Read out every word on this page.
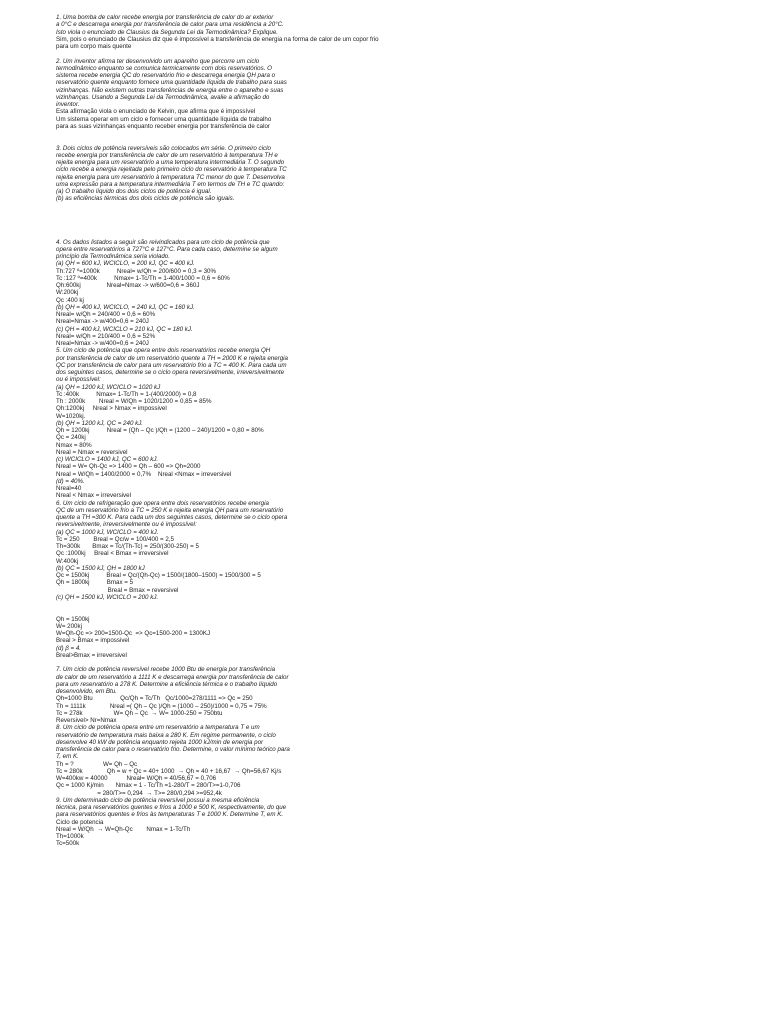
1. Uma bomba de calor recebe energia por transferência de calor do ar exterior
a 0°C e descarrega energia por transferência de calor para uma residência a 20°C.
Isto viola o enunciado de Clausius da Segunda Lei da Termodinâmica? Explique.
Sim, pois o enunciado de Clausius diz que é impossível a transferência de energia na forma de calor de um copor frio
para um corpo mais quente
2. Um inventor afirma ter desenvolvido um aparelho que percorre um ciclo
termodinâmico enquanto se comunica termicamente com dois reservatórios. O
sistema recebe energia QC do reservatório frio e descarrega energia QH para o
reservatório quente enquanto fornece uma quantidade líquida de trabalho para suas
vizinhanças. Não existem outras transferências de energia entre o aparelho e suas
vizinhanças. Usando a Segunda Lei da Termodinâmica, avalie a afirmação do
inventor.
Esta afirmação viola o enunciado de Kelvin, que afirma que é impossível
Um sistema operar em um ciclo e fornecer uma quantidade líquida de trabalho
para as suas vizinhanças enquanto receber energia por transferência de calor
3. Dois ciclos de potência reversíveis são colocados em série. O primeiro ciclo
recebe energia por transferência de calor de um reservatório à temperatura TH e
rejeita energia para um reservatório a uma temperatura intermediária T. O segundo
ciclo recebe a energia rejeitada pelo primeiro ciclo do reservatório à temperatura TC
rejeita energia para um reservatório à temperatura TC menor do que T. Desenvolva
uma expressão para a temperatura intermediária T em termos de TH e TC quando:
(a) O trabalho líquido dos dois ciclos de potência é igual.
(b) as eficiências térmicas dos dois ciclos de potência são iguais.
4. Os dados listados a seguir são reivindicados para um ciclo de potência que
opera entre reservatórios a 727°C e 127°C. Para cada caso, determine se algum
princípio da Termodinâmica seria violado.
(a) QH = 600 kJ, WCICLO, = 200 kJ, QC = 400 kJ.
Th:727 º=1000k          Nreal= w/Qh = 200/600 = 0,3 = 30%
Tc :127 º=400k          Nmax= 1-Tc/Th = 1-400/1000 = 0,6 = 60%
Qh:600kj               Nreal=Nmax -> w/600=0,6 = 360J
W:200kj
Qc :400 kj
(b) QH = 400 kJ, WCICLO, = 240 kJ, QC = 160 kJ.
Nreal= w/Qh = 240/400 = 0,6 = 60%
Nreal=Nmax -> w/400=0,6 = 240J
(c) QH = 400 kJ, WCICLO = 210 kJ, QC = 180 kJ.
Nreal= w/Qh = 210/400 = 0,6 = 52%
Nreal=Nmax -> w/400=0,6 = 240J
5. Um ciclo de potência que opera entre dois reservatórios recebe energia QH
por transferência de calor de um reservatório quente a TH = 2000 K e rejeita energia
QC por transferência de calor para um reservatório frio a TC = 400 K. Para cada um
dos seguintes casos, determine se o ciclo opera reversivelmente, irreversivelmente
ou é impossível:
(a) QH = 1200 kJ, WCICLO = 1020 kJ
Tc :400k          Nmax= 1-Tc/Th = 1-(400/2000) = 0,8
Th : 2000k        Nreal = W/Qh = 1020/1200 = 0,85 = 85%
Qh:1200kj     Nreal > Nmax = impossivel
W=1020kj.
(b) QH = 1200 kJ, QC = 240 kJ.
Qh = 1200kj          Nreal = (Qh – Qc )/Qh = (1200 – 240)/1200 = 0,80 = 80%
Qc = 240kj
Nmax = 80%
Nreal = Nmax = reversivel
(c) WCICLO = 1400 kJ, QC = 600 kJ.
Nreal = W= Qh-Qc => 1400 = Qh – 600 => Qh=2000
Nreal = W/Qh = 1400/2000 = 0,7%    Nreal <Nmax = irreversivel
(d) = 40%.
Nreal=40
Nreal < Nmax = irreversivel
6. Um ciclo de refrigeração que opera entre dois reservatórios recebe energia
QC de um reservatório frio a TC = 250 K e rejeita energia QH para um reservatório
quente a TH =300 K. Para cada um dos seguintes casos, determine se o ciclo opera
reversivelmente, irreversivelmente ou é impossível:
(a) QC = 1000 kJ, WCICLO = 400 kJ.
Tc = 250        Breal = Qc/w = 100/400 = 2,5
Th=300k       Bmax = Tc/(Th-Tc) = 250/(300-250) = 5
Qc :1000kj     Breal < Bmax = irreversivel
W:400kj
(b) QC = 1500 kJ, QH = 1800 kJ
Qc = 1500kj          Breal = Qc/(Qh-Qc) = 1500/(1800–1500) = 1500/300 = 5
Qh = 1800kj          Bmax = 5
Breal = Bmax = reversivel
(c) QH = 1500 kJ, WCICLO = 200 kJ.
Qh = 1500kj
W= 200kj
W=Qh-Qc => 200=1500-Qc  => Qc=1500-200 = 1300KJ
Breal > Bmax = impossivel
(d) β = 4.
Breal>Bmax = irreversivel
7. Um ciclo de potência reversível recebe 1000 Btu de energia por transferência
de calor de um reservatório a 1111 K e descarrega energia por transferência de calor
para um reservatório a 278 K. Determine a eficiência térmica e o trabalho líquido
desenvolvido, em Btu.
Qh=1000 Btu                Qc/Qh = Tc/Th   Qc/1000=278/1111 => Qc = 250
Th = 1111k              Nreal =( Qh – Qc )/Qh = (1000 – 250)/1000 = 0,75 = 75%
Tc = 278k                  W= Qh – Qc  → W= 1000-250 = 750btu
Reversivel> Nr=Nmax
8. Um ciclo de potência opera entre um reservatório a temperatura T e um
reservatório de temperatura mais baixa a 280 K. Em regime permanente, o ciclo
desenvolve 40 kW de potência enquanto rejeita 1000 kJ/min de energia por
transferência de calor para o reservatório frio. Determine, o valor mínimo teórico para
T, em K.
Th = ?                 W= Qh – Qc
Tc = 280k              Qh = w + Qc = 40+ 1000  → Qh = 40 + 16,67  → Qh=56,67 Kj/s
W=400kw = 40000           Nreal= W/Qh = 40/56,67 = 0,706
Qc = 1000 Kj/min       Nmax = 1 - Tc/Th =1-280/T = 280/T>=1-0,706
= 280/T>= 0,294  → T>= 280/0,294 >=952,4k
9. Um determinado ciclo de potência reversível possui a mesma eficiência
técnica, para reservatórios quentes e frios a 1000 e 500 K, respectivamente, do que
para reservatórios quentes e frios às temperaturas T e 1000 K. Determine T, em K.
Ciclo de potencia
Nreal = W/Qh  → W=Qh-Qc        Nmax = 1-Tc/Th
Th=1000k
Tc=500k
